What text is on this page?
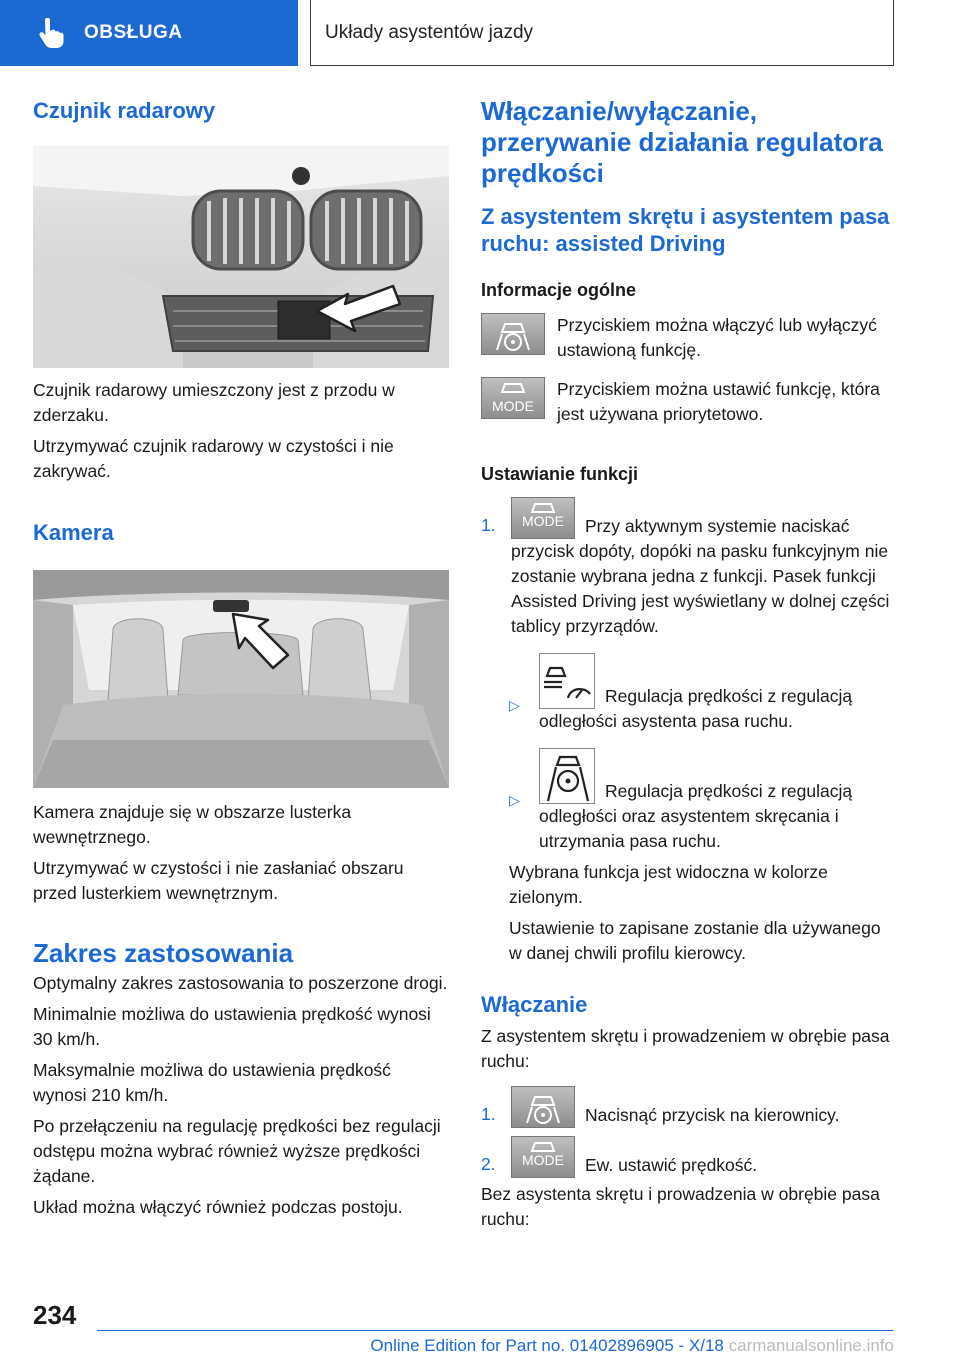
OBSŁUGA	Układy asystentów jazdy
Czujnik radarowy

Czujnik radarowy umieszczony jest z przodu w zderzaku.

Utrzymywać czujnik radarowy w czystości i nie zakrywać.

Kamera

Kamera znajduje się w obszarze lusterka wewnętrznego.

Utrzymywać w czystości i nie zasłaniać obszaru przed lusterkiem wewnętrznym.

Zakres zastosowania

Optymalny zakres zastosowania to poszerzone drogi.

Minimalnie możliwa do ustawienia prędkość wynosi 30 km/h.

Maksymalnie możliwa do ustawienia prędkość wynosi 210 km/h.

Po przełączeniu na regulację prędkości bez regulacji odstępu można wybrać również wyższe prędkości żądane.

Układ można włączyć również podczas postoju.

Włączanie/wyłączanie, przerywanie działania regulatora prędkości
Z asystentem skrętu i asystentem pasa ruchu: assisted Driving
Informacje ogólne
Przyciskiem można włączyć lub wyłączyć ustawioną funkcję.
MODE
Przyciskiem można ustawić funkcję, która jest używana priorytetowo.
Ustawianie funkcji
1.	MODE	Przy aktywnym systemie naciskać przycisk dopóty, dopóki na pasku funkcyjnym nie zostanie wybrana jedna z funkcji. Pasek funkcji Assisted Driving jest wyświetlany w dolnej części tablicy przyrządów.
▷	Regulacja prędkości z regulacją odległości asystenta pasa ruchu.
▷	Regulacja prędkości z regulacją odległości oraz asystentem skręcania i utrzymania pasa ruchu.

Wybrana funkcja jest widoczna w kolorze zielonym.

Ustawienie to zapisane zostanie dla używanego w danej chwili profilu kierowcy.

Włączanie

Z asystentem skrętu i prowadzeniem w obrębie pasa ruchu:

1.	Nacisnąć przycisk na kierownicy.
2.	MODE	Ew. ustawić prędkość.

Bez asystenta skrętu i prowadzenia w obrębie pasa ruchu:

234
Online Edition for Part no. 01402896905 - X/18 carmanualsonline.info
